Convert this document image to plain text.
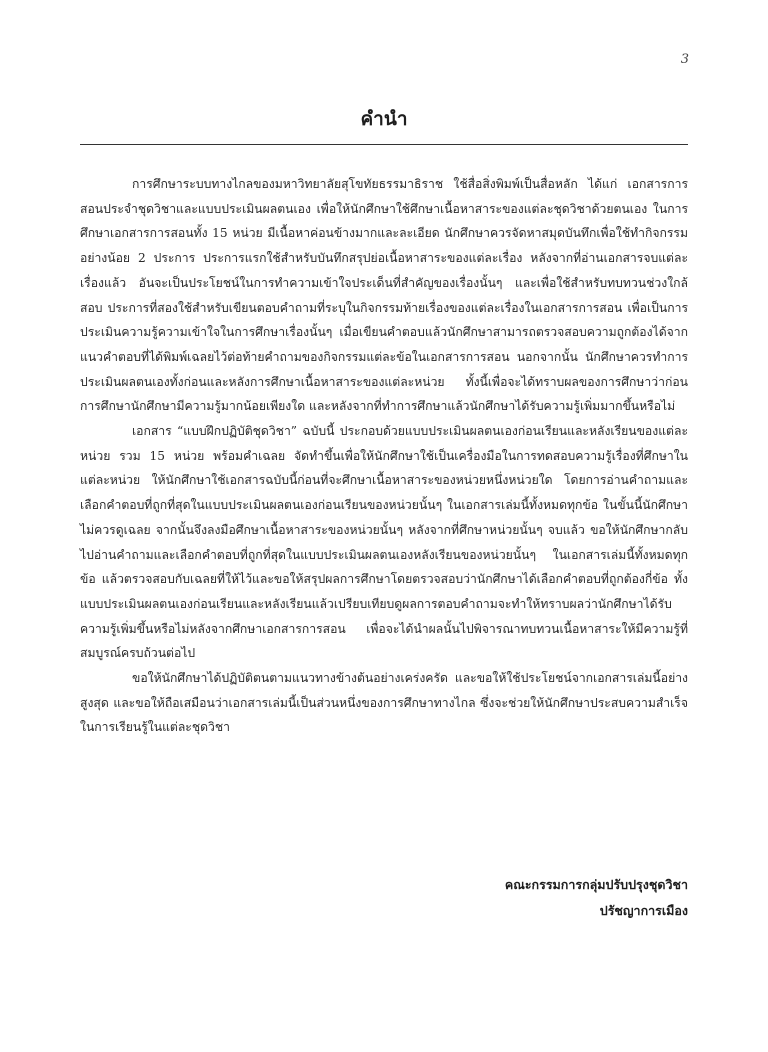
3
คำนำ

การศึกษาระบบทางไกลของมหาวิทยาลัยสุโขทัยธรรมาธิราช ใช้สื่อสิ่งพิมพ์เป็นสื่อหลัก ได้แก่ เอกสารการสอนประจำชุดวิชาและแบบประเมินผลตนเอง เพื่อให้นักศึกษาใช้ศึกษาเนื้อหาสาระของแต่ละชุดวิชาด้วยตนเอง ในการศึกษาเอกสารการสอนทั้ง 15 หน่วย มีเนื้อหาค่อนข้างมากและละเอียด นักศึกษาควรจัดหาสมุดบันทึกเพื่อใช้ทำกิจกรรมอย่างน้อย 2 ประการ ประการแรกใช้สำหรับบันทึกสรุปย่อเนื้อหาสาระของแต่ละเรื่อง หลังจากที่อ่านเอกสารจบแต่ละเรื่องแล้ว อันจะเป็นประโยชน์ในการทำความเข้าใจประเด็นที่สำคัญของเรื่องนั้นๆ และเพื่อใช้สำหรับทบทวนช่วงใกล้สอบ ประการที่สองใช้สำหรับเขียนตอบคำถามที่ระบุในกิจกรรมท้ายเรื่องของแต่ละเรื่องในเอกสารการสอน เพื่อเป็นการประเมินความรู้ความเข้าใจในการศึกษาเรื่องนั้นๆ เมื่อเขียนคำตอบแล้วนักศึกษาสามารถตรวจสอบความถูกต้องได้จากแนวคำตอบที่ได้พิมพ์เฉลยไว้ต่อท้ายคำถามของกิจกรรมแต่ละข้อในเอกสารการสอน นอกจากนั้น นักศึกษาควรทำการประเมินผลตนเองทั้งก่อนและหลังการศึกษาเนื้อหาสาระของแต่ละหน่วย ทั้งนี้เพื่อจะได้ทราบผลของการศึกษาว่าก่อนการศึกษานักศึกษามีความรู้มากน้อยเพียงใด และหลังจากที่ทำการศึกษาแล้วนักศึกษาได้รับความรู้เพิ่มมากขึ้นหรือไม่

เอกสาร “แบบฝึกปฏิบัติชุดวิชา” ฉบับนี้ ประกอบด้วยแบบประเมินผลตนเองก่อนเรียนและหลังเรียนของแต่ละหน่วย รวม 15 หน่วย พร้อมคำเฉลย จัดทำขึ้นเพื่อให้นักศึกษาใช้เป็นเครื่องมือในการทดสอบความรู้เรื่องที่ศึกษาในแต่ละหน่วย ให้นักศึกษาใช้เอกสารฉบับนี้ก่อนที่จะศึกษาเนื้อหาสาระของหน่วยหนึ่งหน่วยใด โดยการอ่านคำถามและเลือกคำตอบที่ถูกที่สุดในแบบประเมินผลตนเองก่อนเรียนของหน่วยนั้นๆ ในเอกสารเล่มนี้ทั้งหมดทุกข้อ ในขั้นนี้นักศึกษาไม่ควรดูเฉลย จากนั้นจึงลงมือศึกษาเนื้อหาสาระของหน่วยนั้นๆ หลังจากที่ศึกษาหน่วยนั้นๆ จบแล้ว ขอให้นักศึกษากลับไปอ่านคำถามและเลือกคำตอบที่ถูกที่สุดในแบบประเมินผลตนเองหลังเรียนของหน่วยนั้นๆ ในเอกสารเล่มนี้ทั้งหมดทุกข้อ แล้วตรวจสอบกับเฉลยที่ให้ไว้และขอให้สรุปผลการศึกษาโดยตรวจสอบว่านักศึกษาได้เลือกคำตอบที่ถูกต้องกี่ข้อ ทั้งแบบประเมินผลตนเองก่อนเรียนและหลังเรียนแล้วเปรียบเทียบดูผลการตอบคำถามจะทำให้ทราบผลว่านักศึกษาได้รับความรู้เพิ่มขึ้นหรือไม่หลังจากศึกษาเอกสารการสอน เพื่อจะได้นำผลนั้นไปพิจารณาทบทวนเนื้อหาสาระให้มีความรู้ที่สมบูรณ์ครบถ้วนต่อไป

ขอให้นักศึกษาได้ปฏิบัติตนตามแนวทางข้างต้นอย่างเคร่งครัด และขอให้ใช้ประโยชน์จากเอกสารเล่มนี้อย่างสูงสุด และขอให้ถือเสมือนว่าเอกสารเล่มนี้เป็นส่วนหนึ่งของการศึกษาทางไกล ซึ่งจะช่วยให้นักศึกษาประสบความสำเร็จในการเรียนรู้ในแต่ละชุดวิชา

คณะกรรมการกลุ่มปรับปรุงชุดวิชา
ปรัชญาการเมือง
